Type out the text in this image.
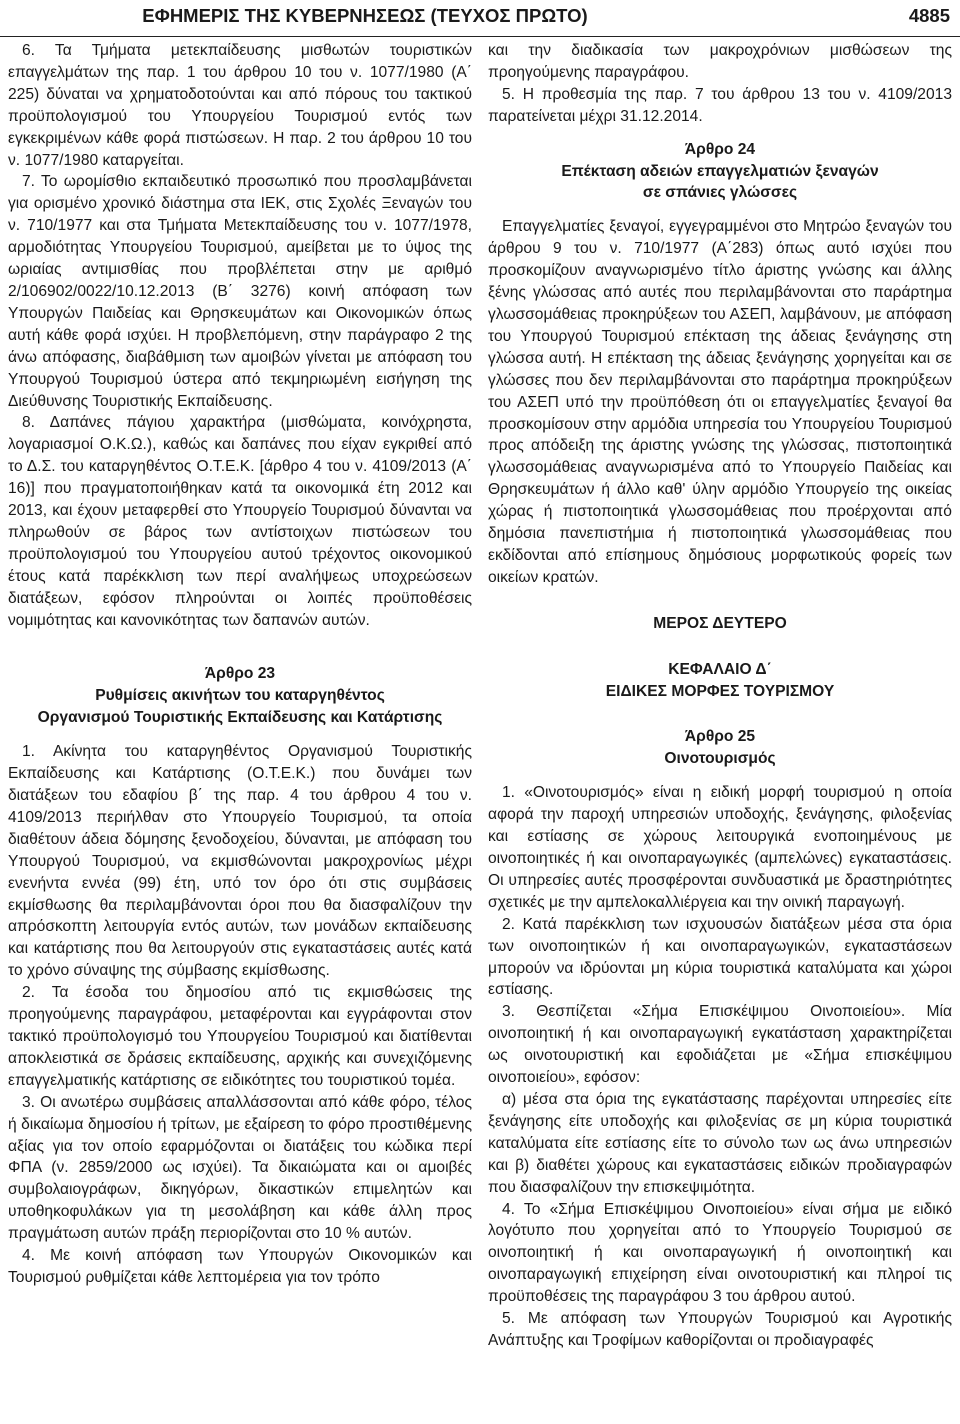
ΕΦΗΜΕΡΙΣ ΤΗΣ ΚΥΒΕΡΝΗΣΕΩΣ (ΤΕΥΧΟΣ ΠΡΩΤΟ)	4885

6. Τα Τμήματα μετεκπαίδευσης μισθωτών τουριστικών επαγγελμάτων της παρ. 1 του άρθρου 10 του ν. 1077/1980 (Α΄ 225) δύναται να χρηματοδοτούνται και από πόρους του τακτικού προϋπολογισμού του Υπουργείου Τουρισμού εντός των εγκεκριμένων κάθε φορά πιστώσεων. Η παρ. 2 του άρθρου 10 του ν. 1077/1980 καταργείται.

7. Το ωρομίσθιο εκπαιδευτικό προσωπικό που προσλαμβάνεται για ορισμένο χρονικό διάστημα στα ΙΕΚ, στις Σχολές Ξεναγών του ν. 710/1977 και στα Τμήματα Μετεκπαίδευσης του ν. 1077/1978, αρμοδιότητας Υπουργείου Τουρισμού, αμείβεται με το ύψος της ωριαίας αντιμισθίας που προβλέπεται στην με αριθμό 2/106902/0022/10.12.2013 (Β΄ 3276) κοινή απόφαση των Υπουργών Παιδείας και Θρησκευμάτων και Οικονομικών όπως αυτή κάθε φορά ισχύει. Η προβλεπόμενη, στην παράγραφο 2 της άνω απόφασης, διαβάθμιση των αμοιβών γίνεται με απόφαση του Υπουργού Τουρισμού ύστερα από τεκμηριωμένη εισήγηση της Διεύθυνσης Τουριστικής Εκπαίδευσης.

8. Δαπάνες πάγιου χαρακτήρα (μισθώματα, κοινόχρηστα, λογαριασμοί Ο.Κ.Ω.), καθώς και δαπάνες που είχαν εγκριθεί από το Δ.Σ. του καταργηθέντος Ο.Τ.Ε.Κ. [άρθρο 4 του ν. 4109/2013 (Α΄ 16)] που πραγματοποιήθηκαν κατά τα οικονομικά έτη 2012 και 2013, και έχουν μεταφερθεί στο Υπουργείο Τουρισμού δύνανται να πληρωθούν σε βάρος των αντίστοιχων πιστώσεων του προϋπολογισμού του Υπουργείου αυτού τρέχοντος οικονομικού έτους κατά παρέκκλιση των περί αναλήψεως υποχρεώσεων διατάξεων, εφόσον πληρούνται οι λοιπές προϋποθέσεις νομιμότητας και κανονικότητας των δαπανών αυτών.

Άρθρο 23
Ρυθμίσεις ακινήτων του καταργηθέντος
Οργανισμού Τουριστικής Εκπαίδευσης και Κατάρτισης

1. Ακίνητα του καταργηθέντος Οργανισμού Τουριστικής Εκπαίδευσης και Κατάρτισης (Ο.Τ.Ε.Κ.) που δυνάμει των διατάξεων του εδαφίου β΄ της παρ. 4 του άρθρου 4 του ν. 4109/2013 περιήλθαν στο Υπουργείο Τουρισμού, τα οποία διαθέτουν άδεια δόμησης ξενοδοχείου, δύνανται, με απόφαση του Υπουργού Τουρισμού, να εκμισθώνονται μακροχρονίως μέχρι ενενήντα εννέα (99) έτη, υπό τον όρο ότι στις συμβάσεις εκμίσθωσης θα περιλαμβάνονται όροι που θα διασφαλίζουν την απρόσκοπτη λειτουργία εντός αυτών, των μονάδων εκπαίδευσης και κατάρτισης που θα λειτουργούν στις εγκαταστάσεις αυτές κατά το χρόνο σύναψης της σύμβασης εκμίσθωσης.

2. Τα έσοδα του δημοσίου από τις εκμισθώσεις της προηγούμενης παραγράφου, μεταφέρονται και εγγράφονται στον τακτικό προϋπολογισμό του Υπουργείου Τουρισμού και διατίθενται αποκλειστικά σε δράσεις εκπαίδευσης, αρχικής και συνεχιζόμενης επαγγελματικής κατάρτισης σε ειδικότητες του τουριστικού τομέα.

3. Οι ανωτέρω συμβάσεις απαλλάσσονται από κάθε φόρο, τέλος ή δικαίωμα δημοσίου ή τρίτων, με εξαίρεση το φόρο προστιθέμενης αξίας για τον οποίο εφαρμόζονται οι διατάξεις του κώδικα περί ΦΠΑ (ν. 2859/2000 ως ισχύει). Τα δικαιώματα και οι αμοιβές συμβολαιογράφων, δικηγόρων, δικαστικών επιμελητών και υποθηκοφυλάκων για τη μεσολάβηση και κάθε άλλη προς πραγμάτωση αυτών πράξη περιορίζονται στο 10 % αυτών.

4. Με κοινή απόφαση των Υπουργών Οικονομικών και Τουρισμού ρυθμίζεται κάθε λεπτομέρεια για τον τρόπο

και την διαδικασία των μακροχρόνιων μισθώσεων της προηγούμενης παραγράφου.

5. Η προθεσμία της παρ. 7 του άρθρου 13 του ν. 4109/2013 παρατείνεται μέχρι 31.12.2014.

Άρθρο 24
Επέκταση αδειών επαγγελματιών ξεναγών
σε σπάνιες γλώσσες

Επαγγελματίες ξεναγοί, εγγεγραμμένοι στο Μητρώο ξεναγών του άρθρου 9 του ν. 710/1977 (Α΄283) όπως αυτό ισχύει που προσκομίζουν αναγνωρισμένο τίτλο άριστης γνώσης και άλλης ξένης γλώσσας από αυτές που περιλαμβάνονται στο παράρτημα γλωσσομάθειας προκηρύξεων του ΑΣΕΠ, λαμβάνουν, με απόφαση του Υπουργού Τουρισμού επέκταση της άδειας ξενάγησης στη γλώσσα αυτή. Η επέκταση της άδειας ξενάγησης χορηγείται και σε γλώσσες που δεν περιλαμβάνονται στο παράρτημα προκηρύξεων του ΑΣΕΠ υπό την προϋπόθεση ότι οι επαγγελματίες ξεναγοί θα προσκομίσουν στην αρμόδια υπηρεσία του Υπουργείου Τουρισμού προς απόδειξη της άριστης γνώσης της γλώσσας, πιστοποιητικά γλωσσομάθειας αναγνωρισμένα από το Υπουργείο Παιδείας και Θρησκευμάτων ή άλλο καθ' ύλην αρμόδιο Υπουργείο της οικείας χώρας ή πιστοποιητικά γλωσσομάθειας που προέρχονται από δημόσια πανεπιστήμια ή πιστοποιητικά γλωσσομάθειας που εκδίδονται από επίσημους δημόσιους μορφωτικούς φορείς των οικείων κρατών.

ΜΕΡΟΣ ΔΕΥΤΕΡΟ
ΚΕΦΑΛΑΙΟ Δ΄
ΕΙΔΙΚΕΣ ΜΟΡΦΕΣ ΤΟΥΡΙΣΜΟΥ
Άρθρο 25
Οινοτουρισμός

1. «Οινοτουρισμός» είναι η ειδική μορφή τουρισμού η οποία αφορά την παροχή υπηρεσιών υποδοχής, ξενάγησης, φιλοξενίας και εστίασης σε χώρους λειτουργικά ενοποιημένους με οινοποιητικές ή και οινοπαραγωγικές (αμπελώνες) εγκαταστάσεις. Οι υπηρεσίες αυτές προσφέρονται συνδυαστικά με δραστηριότητες σχετικές με την αμπελοκαλλιέργεια και την οινική παραγωγή.

2. Κατά παρέκκλιση των ισχυουσών διατάξεων μέσα στα όρια των οινοποιητικών ή και οινοπαραγωγικών, εγκαταστάσεων μπορούν να ιδρύονται μη κύρια τουριστικά καταλύματα και χώροι εστίασης.

3. Θεσπίζεται «Σήμα Επισκέψιμου Οινοποιείου». Μία οινοποιητική ή και οινοπαραγωγική εγκατάσταση χαρακτηρίζεται ως οινοτουριστική και εφοδιάζεται με «Σήμα επισκέψιμου οινοποιείου», εφόσον:

α) μέσα στα όρια της εγκατάστασης παρέχονται υπηρεσίες είτε ξενάγησης είτε υποδοχής και φιλοξενίας σε μη κύρια τουριστικά καταλύματα είτε εστίασης είτε το σύνολο των ως άνω υπηρεσιών και β) διαθέτει χώρους και εγκαταστάσεις ειδικών προδιαγραφών που διασφαλίζουν την επισκεψιμότητα.

4. Το «Σήμα Επισκέψιμου Οινοποιείου» είναι σήμα με ειδικό λογότυπο που χορηγείται από το Υπουργείο Τουρισμού σε οινοποιητική ή και οινοπαραγωγική ή οινοποιητική και οινοπαραγωγική επιχείρηση είναι οινοτουριστική και πληροί τις προϋποθέσεις της παραγράφου 3 του άρθρου αυτού.

5. Με απόφαση των Υπουργών Τουρισμού και Αγροτικής Ανάπτυξης και Τροφίμων καθορίζονται οι προδιαγραφές
